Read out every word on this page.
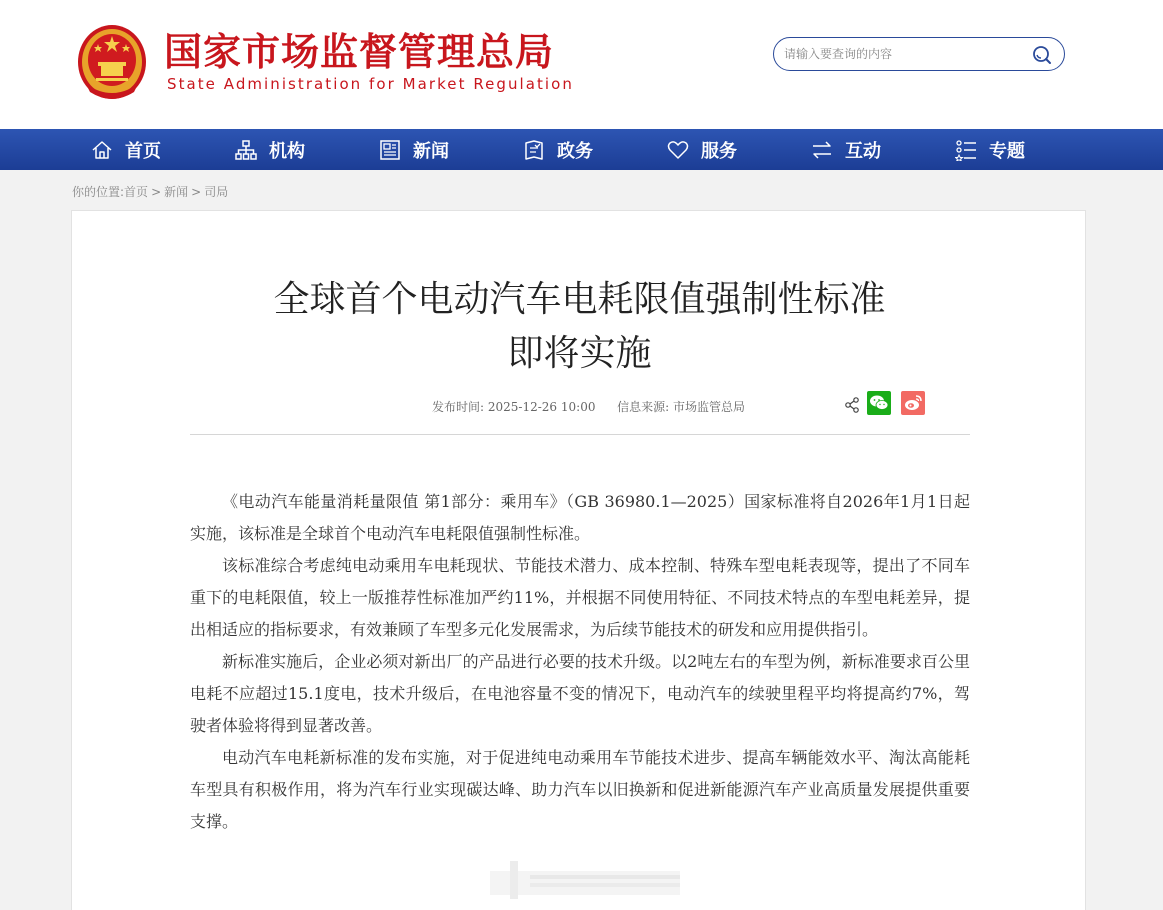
国家市场监督管理总局
State Administration for Market Regulation
请输入要查询的内容
首页	机构	新闻	政务	服务	互动	专题
你的位置:首页 > 新闻 > 司局
全球首个电动汽车电耗限值强制性标准
即将实施
发布时间: 2025-12-26 10:00 信息来源: 市场监管总局

《电动汽车能量消耗量限值 第1部分：乘用车》（GB 36980.1—2025）国家标准将自2026年1月1日起实施，该标准是全球首个电动汽车电耗限值强制性标准。

该标准综合考虑纯电动乘用车电耗现状、节能技术潜力、成本控制、特殊车型电耗表现等，提出了不同车重下的电耗限值，较上一版推荐性标准加严约11%，并根据不同使用特征、不同技术特点的车型电耗差异，提出相适应的指标要求，有效兼顾了车型多元化发展需求，为后续节能技术的研发和应用提供指引。

新标准实施后，企业必须对新出厂的产品进行必要的技术升级。以2吨左右的车型为例，新标准要求百公里电耗不应超过15.1度电，技术升级后，在电池容量不变的情况下，电动汽车的续驶里程平均将提高约7%，驾驶者体验将得到显著改善。

电动汽车电耗新标准的发布实施，对于促进纯电动乘用车节能技术进步、提高车辆能效水平、淘汰高能耗车型具有积极作用，将为汽车行业实现碳达峰、助力汽车以旧换新和促进新能源汽车产业高质量发展提供重要支撑。
